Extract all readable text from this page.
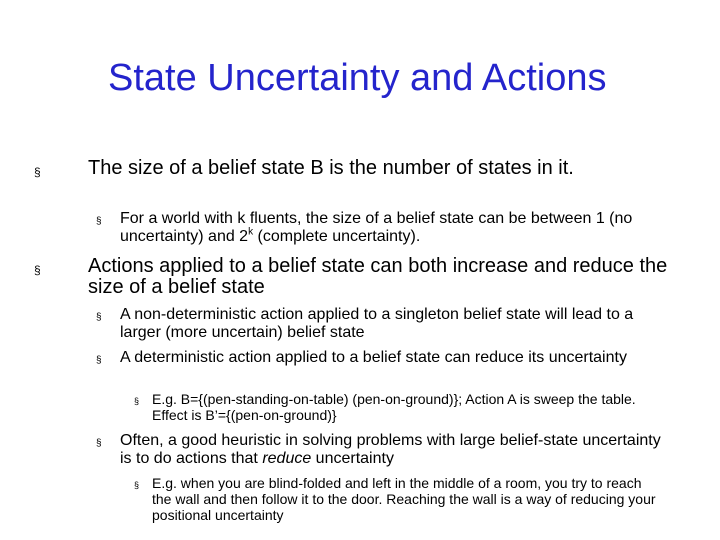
State Uncertainty and Actions
§	The size of a belief state B is the number of states in it.
§	For a world with k fluents, the size of a belief state can be between 1 (no uncertainty) and 2$^k$ (complete uncertainty).
§	Actions applied to a belief state can both increase and reduce the size of a belief state
§	A non-deterministic action applied to a singleton belief state will lead to a larger (more uncertain) belief state
§	A deterministic action applied to a belief state can reduce its uncertainty
§ E.g. B={(pen-standing-on-table) (pen-on-ground)}; Action A is sweep the table. Effect is B’={(pen-on-ground)}
§	Often, a good heuristic in solving problems with large belief-state uncertainty is to do actions that reduce uncertainty
§ E.g. when you are blind-folded and left in the middle of a room, you try to reach the wall and then follow it to the door. Reaching the wall is a way of reducing your positional uncertainty
